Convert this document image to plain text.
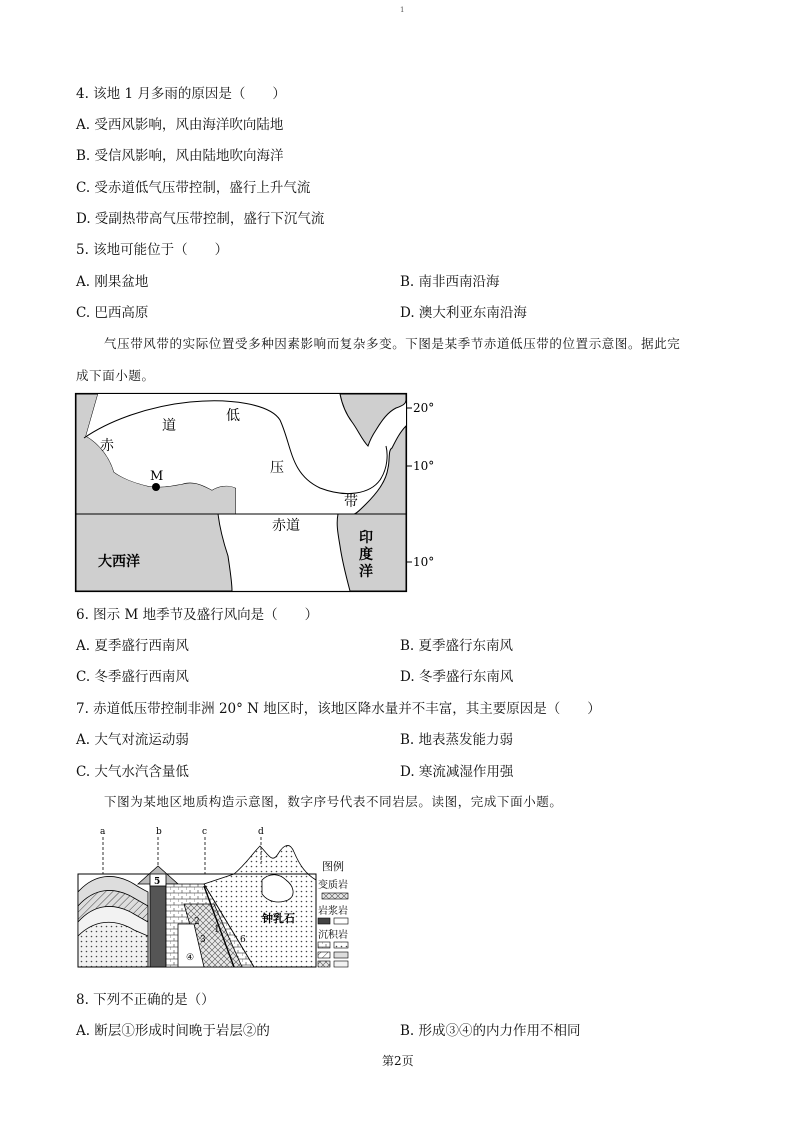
1
4. 该地 1 月多雨的原因是（　　）
A. 受西风影响，风由海洋吹向陆地
B. 受信风影响，风由陆地吹向海洋
C. 受赤道低气压带控制，盛行上升气流
D. 受副热带高气压带控制，盛行下沉气流
5. 该地可能位于（　　）
A. 刚果盆地	B. 南非西南沿海
C. 巴西高原	D. 澳大利亚东南沿海
气压带风带的实际位置受多种因素影响而复杂多变。下图是某季节赤道低压带的位置示意图。据此完
成下面小题。
M
赤
道
低
压
带
赤道
大西洋
印
度
洋
20°
10°
10°
6. 图示 M 地季节及盛行风向是（　　）
A. 夏季盛行西南风	B. 夏季盛行东南风
C. 冬季盛行西南风	D. 冬季盛行东南风
7. 赤道低压带控制非洲 20° N 地区时，该地区降水量并不丰富，其主要原因是（　　）
A. 大气对流运动弱	B. 地表蒸发能力弱
C. 大气水汽含量低	D. 寒流减湿作用强
下图为某地区地质构造示意图，数字序号代表不同岩层。读图，完成下面小题。
a	b	c	d
5
④
3
2
1
钟乳石
图例
变质岩
岩浆岩
沉积岩
8. 下列不正确的是（）
A. 断层①形成时间晚于岩层②的	B. 形成③④的内力作用不相同
第2页
